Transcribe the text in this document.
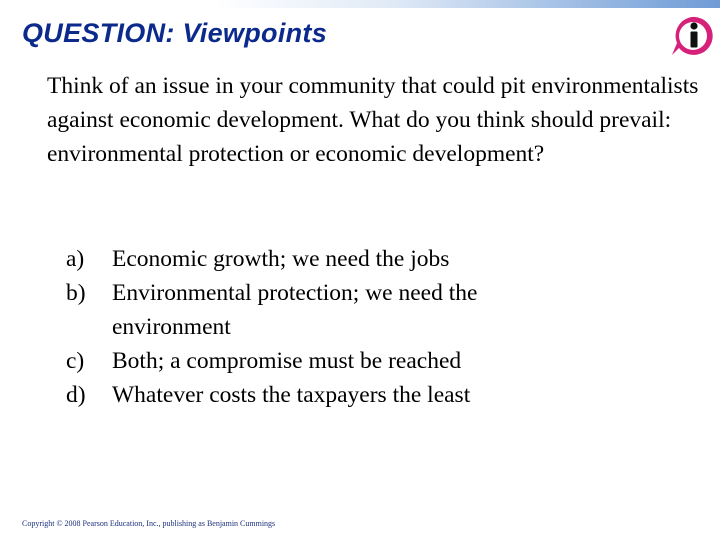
QUESTION: Viewpoints

Think of an issue in your community that could pit environmentalists against economic development. What do you think should prevail: environmental protection or economic development?

a)	Economic growth; we need the jobs
b)	Environmental protection; we need the environment
c)	Both; a compromise must be reached
d)	Whatever costs the taxpayers the least

Copyright © 2008 Pearson Education, Inc., publishing as Benjamin Cummings
